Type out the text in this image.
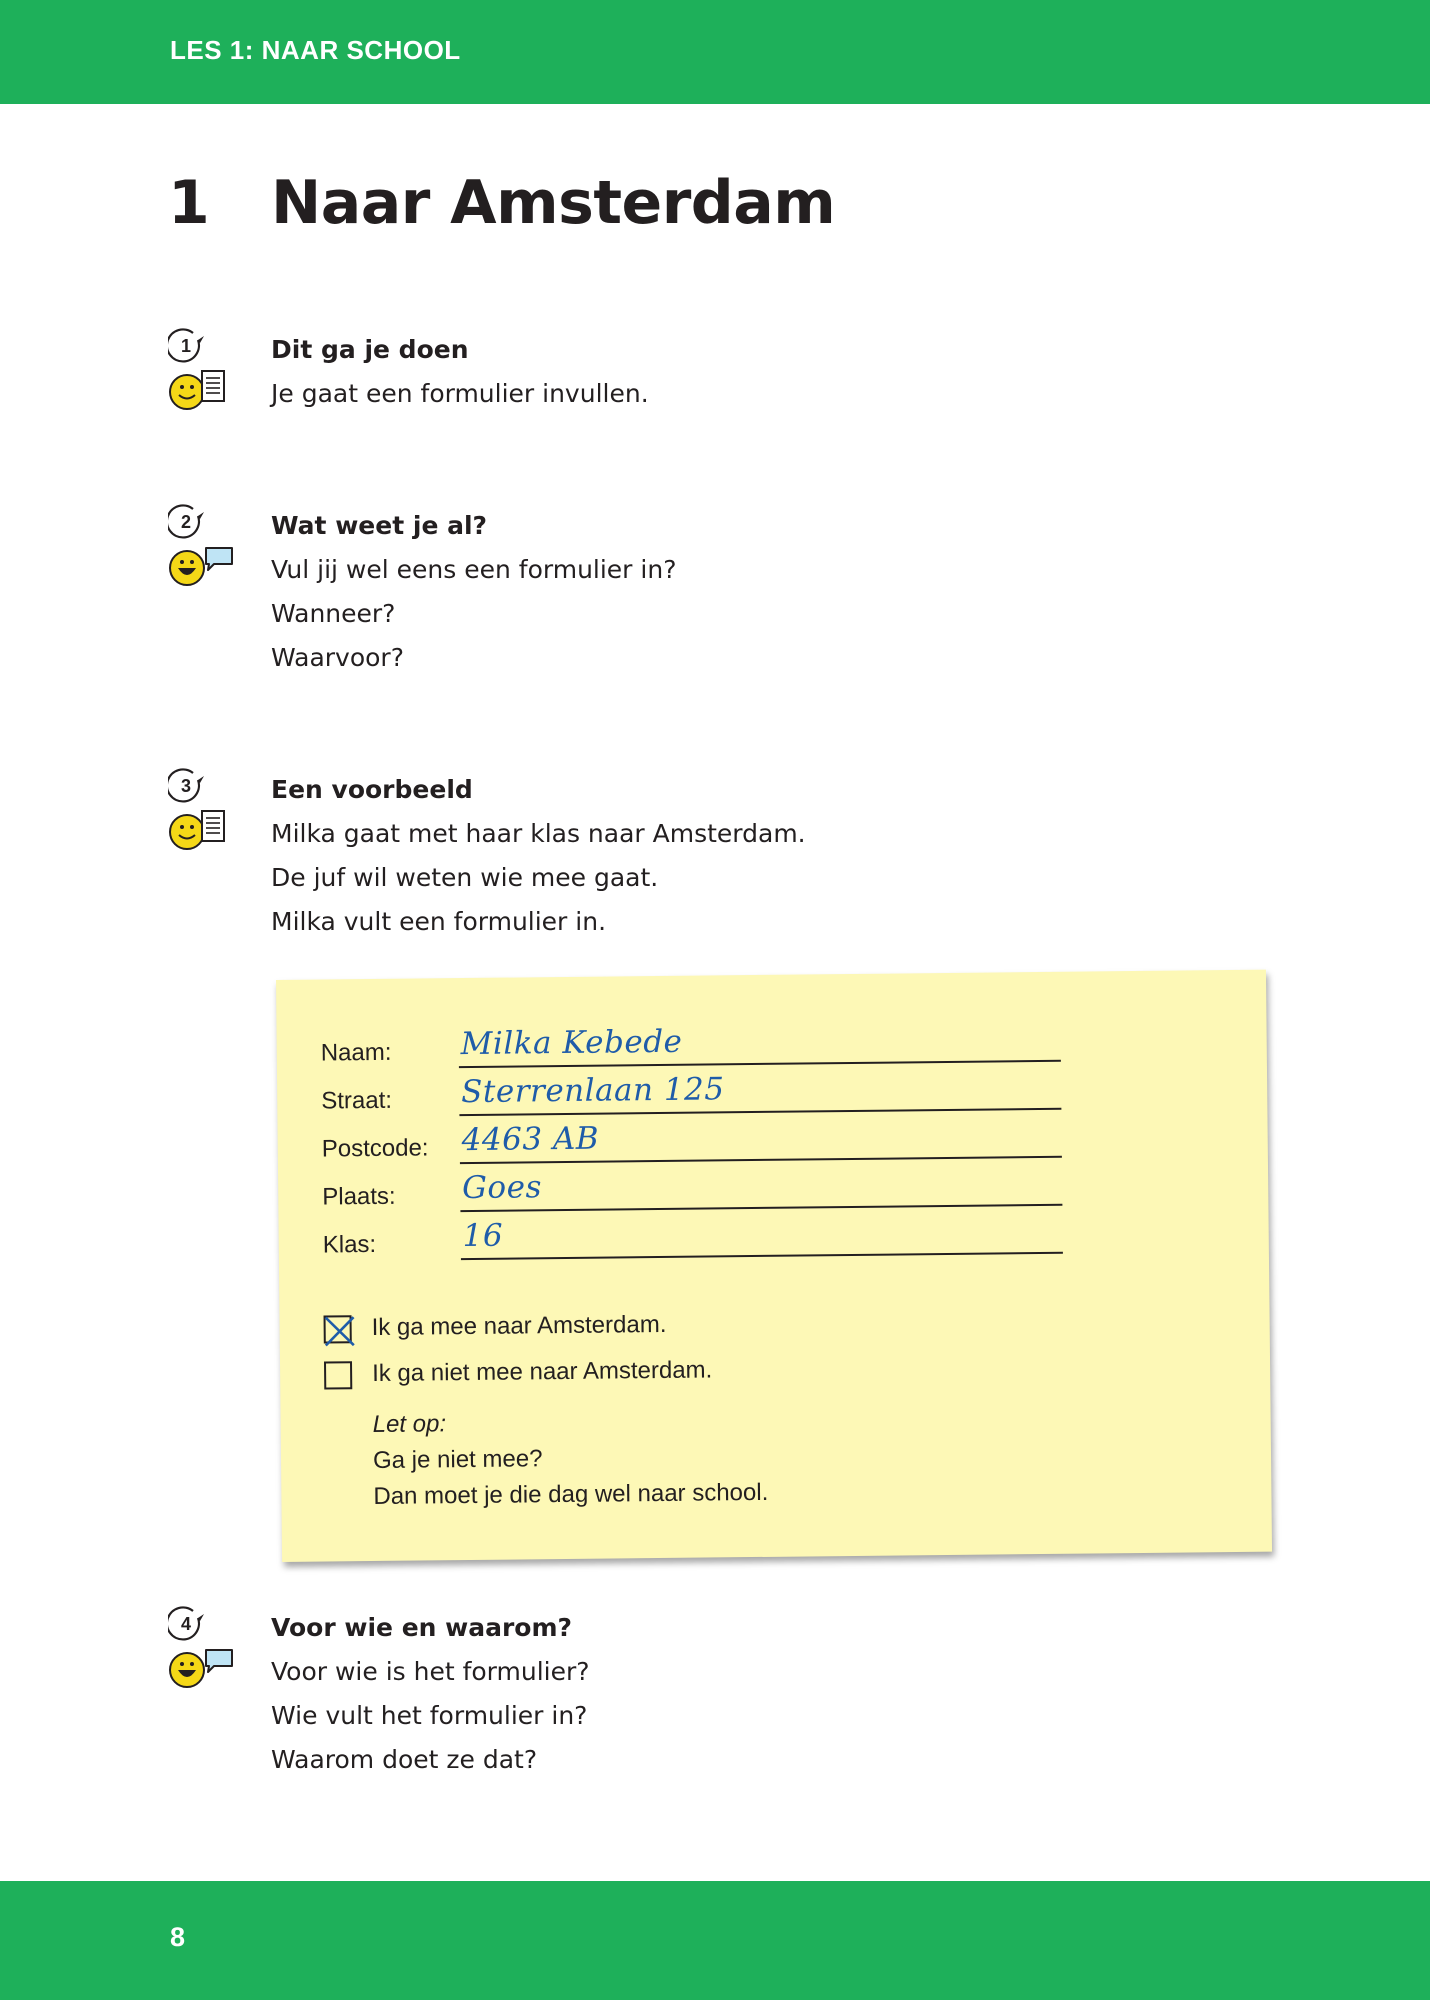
LES 1: NAAR SCHOOL
1 Naar Amsterdam
1	Dit ga je doen

Je gaat een formulier invullen.

2	Wat weet je al?

Vul jij wel eens een formulier in?

Wanneer?

Waarvoor?

3	Een voorbeeld

Milka gaat met haar klas naar Amsterdam.

De juf wil weten wie mee gaat.

Milka vult een formulier in.

Naam: Milka Kebede
Straat: Sterrenlaan 125
Postcode: 4463 AB
Plaats: Goes
Klas:	16
Ik ga mee naar Amsterdam.
Ik ga niet mee naar Amsterdam.
Let op:
Ga je niet mee?
Dan moet je die dag wel naar school.
4	Voor wie en waarom?

Voor wie is het formulier?

Wie vult het formulier in?

Waarom doet ze dat?

8
